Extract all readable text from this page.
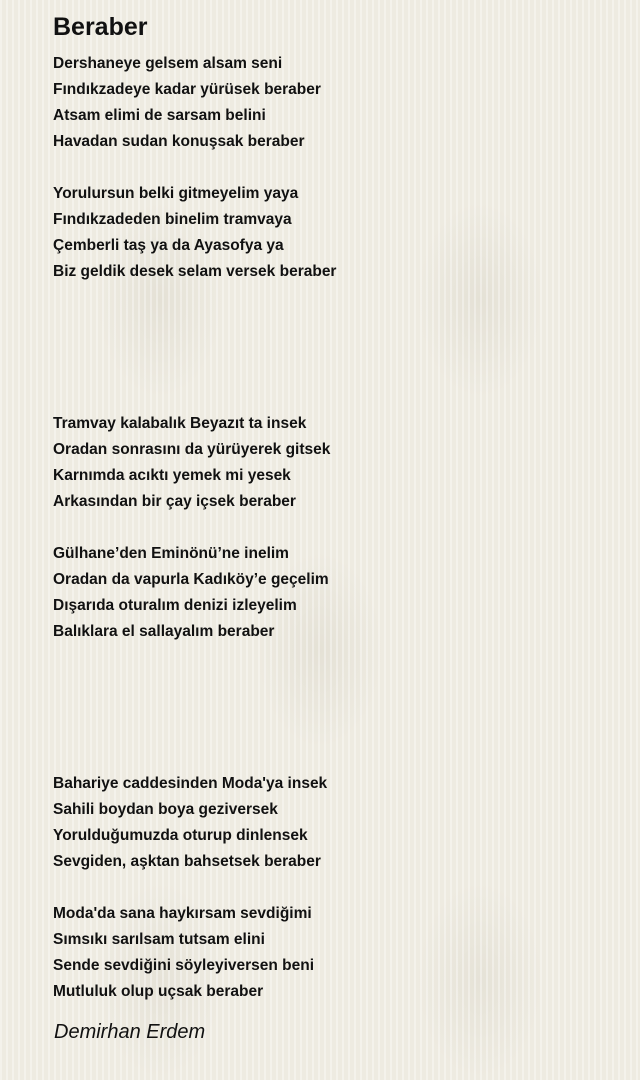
Beraber
Dershaneye gelsem alsam seni
Fındıkzadeye kadar yürüsek beraber
Atsam elimi de sarsam belini
Havadan sudan konuşsak beraber
Yorulursun belki gitmeyelim yaya
Fındıkzadeden binelim tramvaya
Çemberli taş ya da Ayasofya ya
Biz geldik desek selam versek beraber
Tramvay kalabalık Beyazıt ta insek
Oradan sonrasını da yürüyerek gitsek
Karnımda acıktı yemek mi yesek
Arkasından bir çay içsek beraber
Gülhane’den Eminönü’ne inelim
Oradan da vapurla Kadıköy’e geçelim
Dışarıda oturalım denizi izleyelim
Balıklara el sallayalım beraber
Bahariye caddesinden Moda'ya insek
Sahili boydan boya geziversek
Yorulduğumuzda oturup dinlensek
Sevgiden, aşktan bahsetsek beraber
Moda'da sana haykırsam sevdiğimi
Sımsıkı sarılsam tutsam elini
Sende sevdiğini söyleyiversen beni
Mutluluk olup uçsak beraber
Demirhan Erdem
